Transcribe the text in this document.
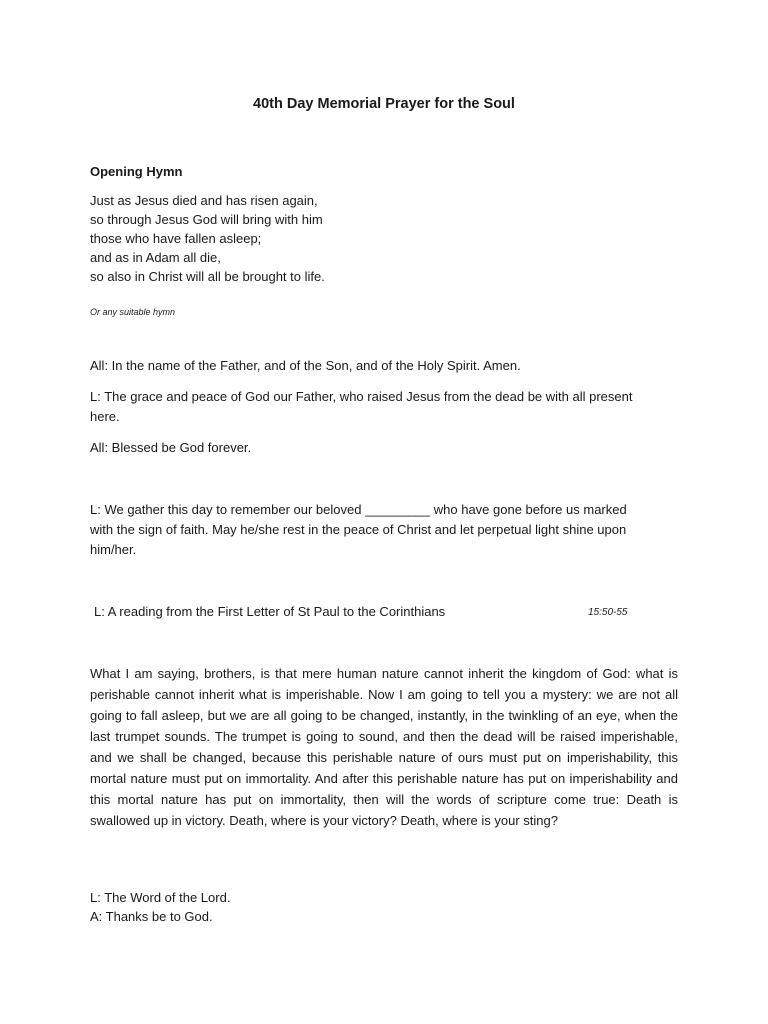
40th Day Memorial Prayer for the Soul

Opening Hymn

Just as Jesus died and has risen again,

so through Jesus God will bring with him

those who have fallen asleep;

and as in Adam all die,

so also in Christ will all be brought to life.

Or any suitable hymn

All: In the name of the Father, and of the Son, and of the Holy Spirit. Amen.

L: The grace and peace of God our Father, who raised Jesus from the dead be with all present

here.

All: Blessed be God forever.

L: We gather this day to remember our beloved _________ who have gone before us marked

with the sign of faith. May he/she rest in the peace of Christ and let perpetual light shine upon

him/her.

L: A reading from the First Letter of St Paul to the Corinthians	15:50-55

What I am saying, brothers, is that mere human nature cannot inherit the kingdom of God: what is perishable cannot inherit what is imperishable. Now I am going to tell you a mystery: we are not all going to fall asleep, but we are all going to be changed, instantly, in the twinkling of an eye, when the last trumpet sounds. The trumpet is going to sound, and then the dead will be raised imperishable, and we shall be changed, because this perishable nature of ours must put on imperishability, this mortal nature must put on immortality. And after this perishable nature has put on imperishability and this mortal nature has put on immortality, then will the words of scripture come true: Death is swallowed up in victory. Death, where is your victory? Death, where is your sting?

L: The Word of the Lord.

A: Thanks be to God.
